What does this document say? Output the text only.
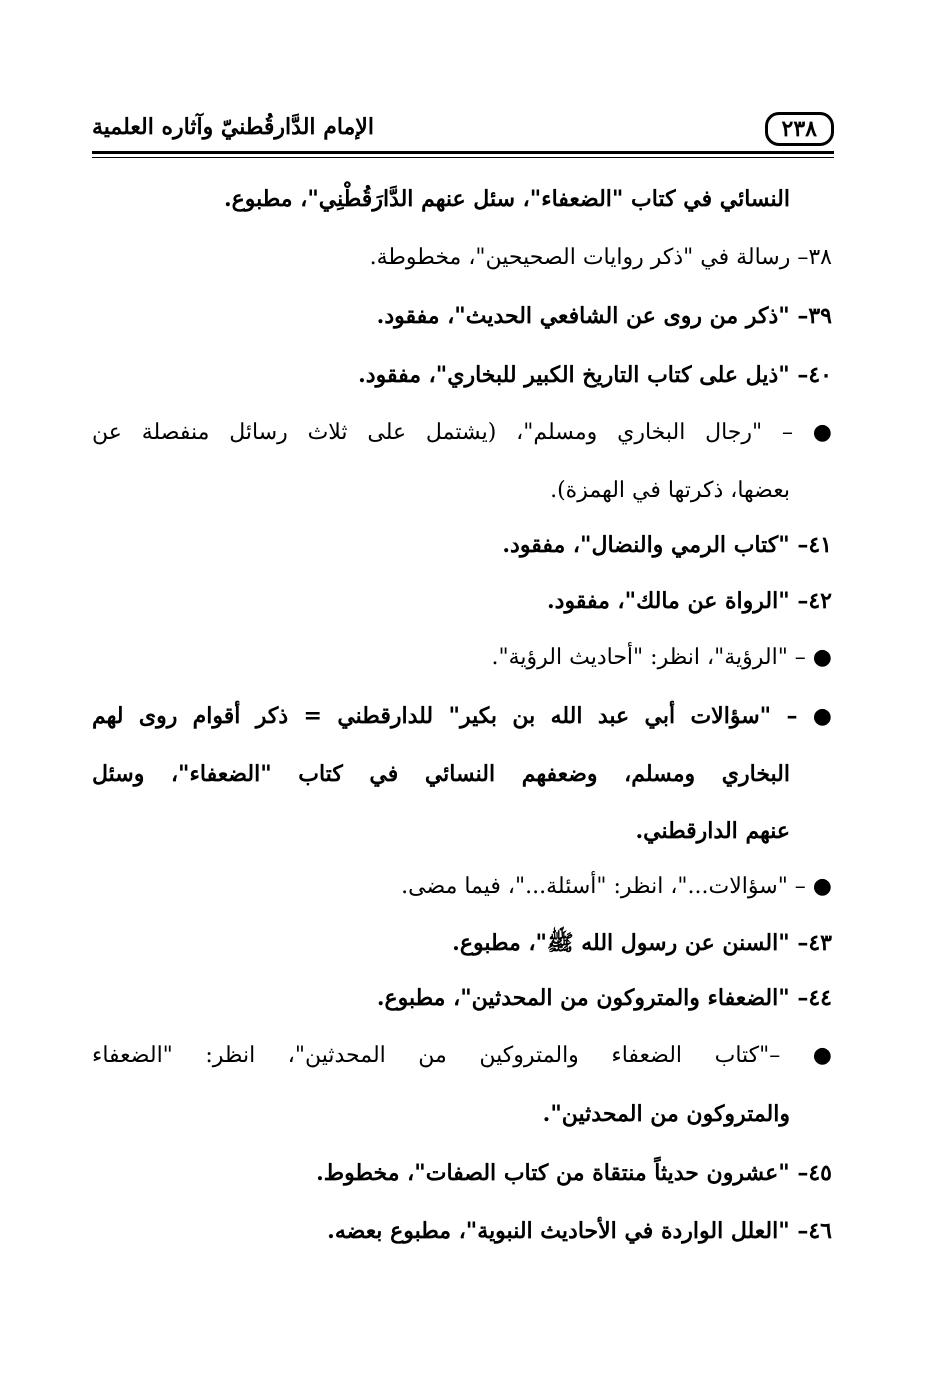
٢٣٨
الإمام الدَّارقُطنيّ وآثاره العلمية
النسائي في كتاب "الضعفاء"، سئل عنهم الدَّارَقُطْنِي"، مطبوع.
٣٨– رسالة في "ذكر روايات الصحيحين"، مخطوطة.
٣٩– "ذكر من روى عن الشافعي الحديث"، مفقود.
٤٠– "ذيل على كتاب التاريخ الكبير للبخاري"، مفقود.
● – "رجال البخاري ومسلم"، (يشتمل على ثلاث رسائل منفصلة عن
بعضها، ذكرتها في الهمزة).
٤١– "كتاب الرمي والنضال"، مفقود.
٤٢– "الرواة عن مالك"، مفقود.
● – "الرؤية"، انظر: "أحاديث الرؤية".
● – "سؤالات أبي عبد الله بن بكير" للدارقطني = ذكر أقوام روى لهم
البخاري ومسلم، وضعفهم النسائي في كتاب "الضعفاء"، وسئل
عنهم الدارقطني.
● – "سؤالات..."، انظر: "أسئلة..."، فيما مضى.
٤٣– "السنن عن رسول الله ﷺ"، مطبوع.
٤٤– "الضعفاء والمتروكون من المحدثين"، مطبوع.
● –"كتاب الضعفاء والمتروكين من المحدثين"، انظر: "الضعفاء
والمتروكون من المحدثين".
٤٥– "عشرون حديثاً منتقاة من كتاب الصفات"، مخطوط.
٤٦– "العلل الواردة في الأحاديث النبوية"، مطبوع بعضه.
